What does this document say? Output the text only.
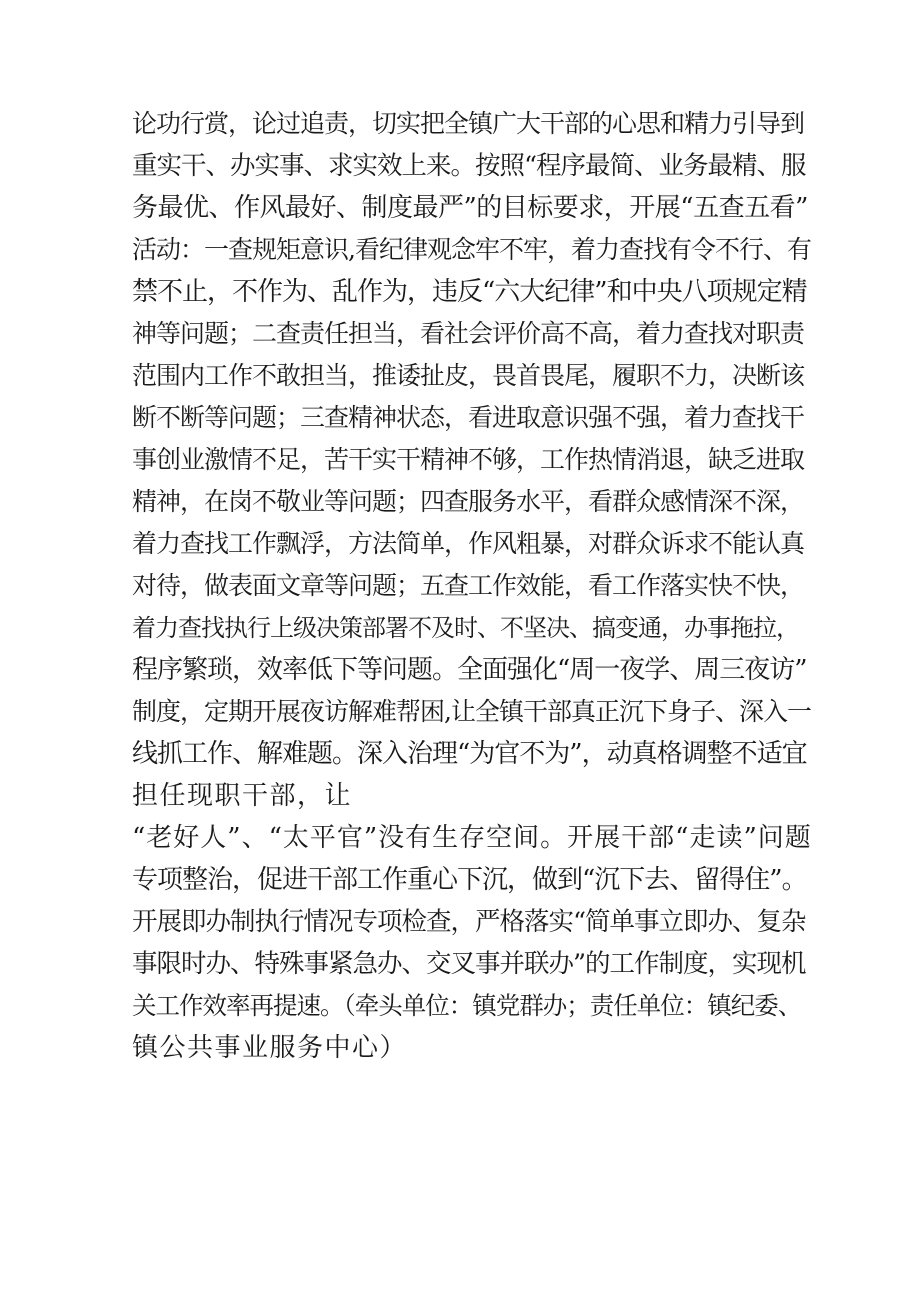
论功行赏，论过追责，切实把全镇广大干部的心思和精力引导到
重实干、办实事、求实效上来。按照“程序最简、业务最精、服
务最优、作风最好、制度最严”的目标要求，开展“五查五看”
活动：一查规矩意识,看纪律观念牢不牢，着力查找有令不行、有
禁不止，不作为、乱作为，违反“六大纪律”和中央八项规定精
神等问题；二查责任担当，看社会评价高不高，着力查找对职责
范围内工作不敢担当，推诿扯皮，畏首畏尾，履职不力，决断该
断不断等问题；三查精神状态，看进取意识强不强，着力查找干
事创业激情不足，苦干实干精神不够，工作热情消退，缺乏进取
精神，在岗不敬业等问题；四查服务水平，看群众感情深不深，
着力查找工作飘浮，方法简单，作风粗暴，对群众诉求不能认真
对待，做表面文章等问题；五查工作效能，看工作落实快不快，
着力查找执行上级决策部署不及时、不坚决、搞变通，办事拖拉，
程序繁琐，效率低下等问题。全面强化“周一夜学、周三夜访”
制度，定期开展夜访解难帮困,让全镇干部真正沉下身子、深入一
线抓工作、解难题。深入治理“为官不为”，动真格调整不适宜
担任现职干部，让
“老好人”、“太平官”没有生存空间。开展干部“走读”问题
专项整治，促进干部工作重心下沉，做到“沉下去、留得住”。
开展即办制执行情况专项检查，严格落实“简单事立即办、复杂
事限时办、特殊事紧急办、交叉事并联办”的工作制度，实现机
关工作效率再提速。（牵头单位：镇党群办；责任单位：镇纪委、
镇公共事业服务中心）
